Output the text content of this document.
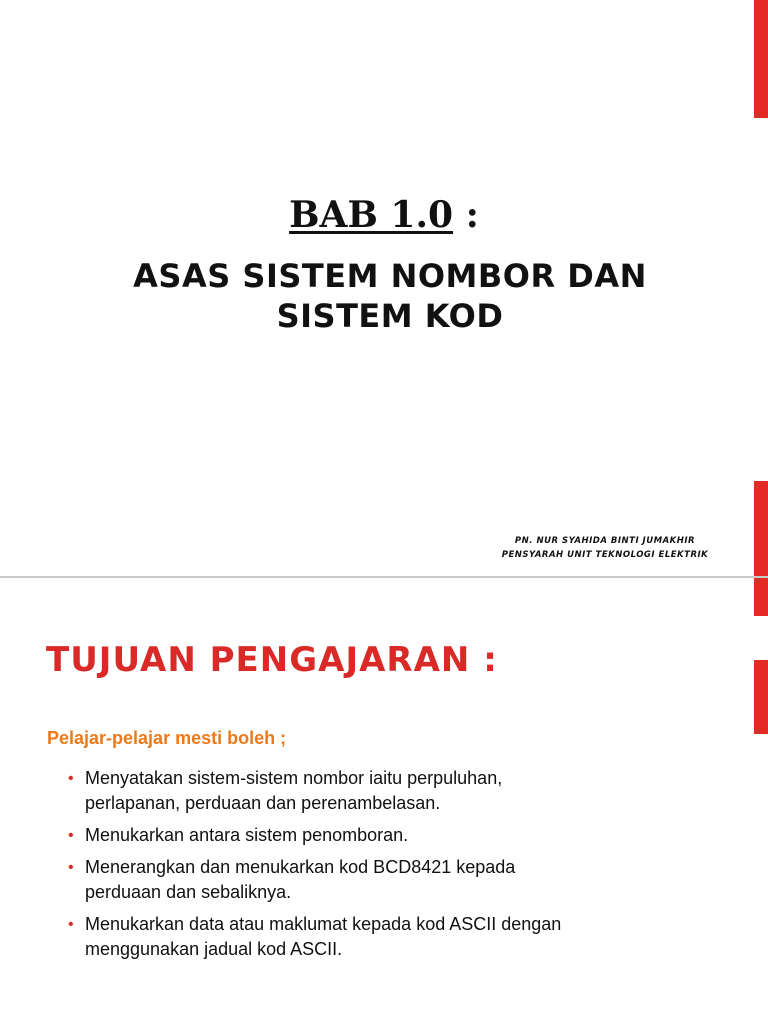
BAB 1.0 :
ASAS SISTEM NOMBOR DAN
SISTEM KOD
PN. NUR SYAHIDA BINTI JUMAKHIR
PENSYARAH UNIT TEKNOLOGI ELEKTRIK
TUJUAN PENGAJARAN :
Pelajar-pelajar mesti boleh ;
• Menyatakan sistem-sistem nombor iaitu perpuluhan,
perlapanan, perduaan dan perenambelasan.
• Menukarkan antara sistem penomboran.
• Menerangkan dan menukarkan kod BCD8421 kepada
perduaan dan sebaliknya.
• Menukarkan data atau maklumat kepada kod ASCII dengan
menggunakan jadual kod ASCII.
